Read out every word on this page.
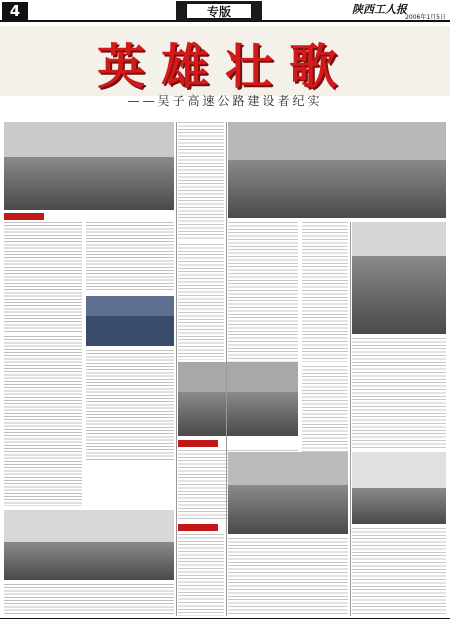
4	专版	陕西工人报
2006年1月5日
英雄壮歌
——吴子高速公路建设者纪实
